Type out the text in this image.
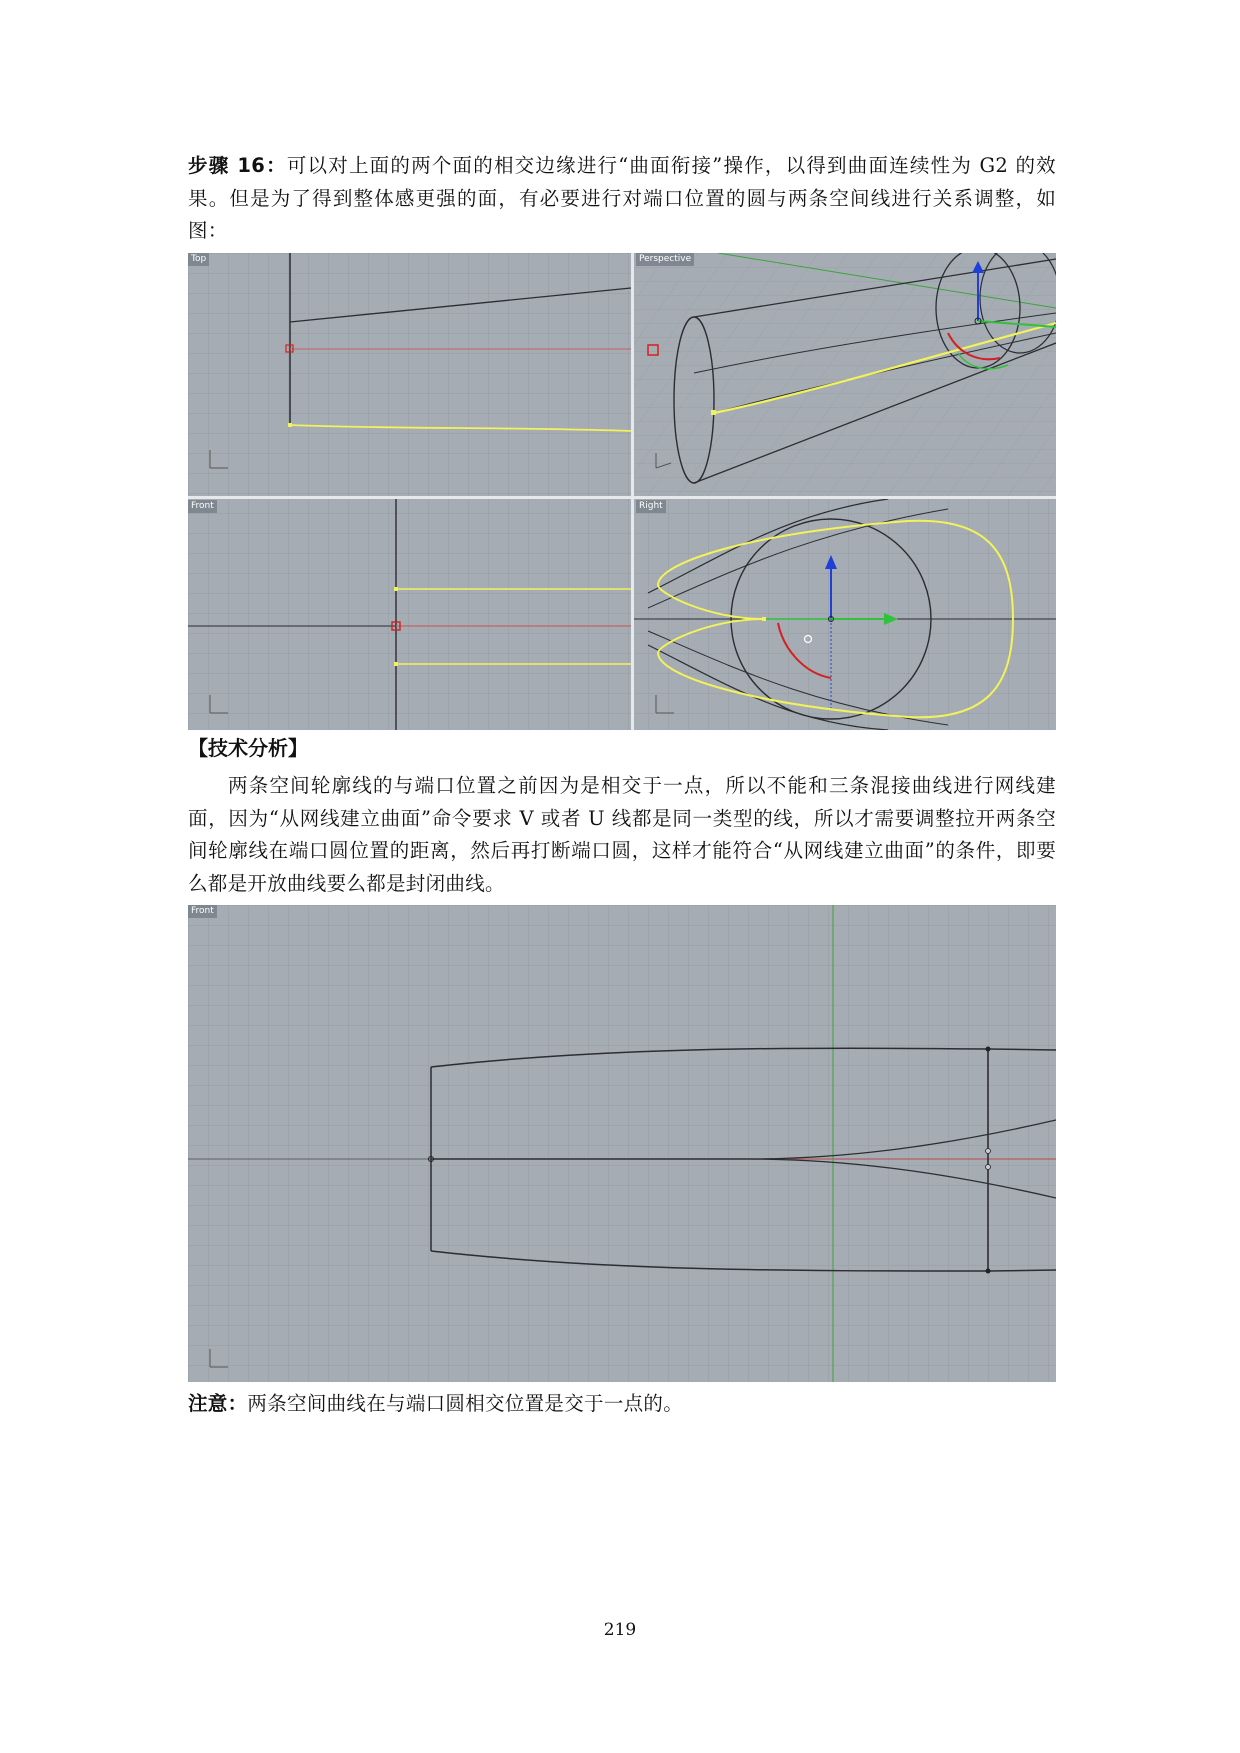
步骤 16：可以对上面的两个面的相交边缘进行“曲面衔接”操作，以得到曲面连续性为 G2 的效果。但是为了得到整体感更强的面，有必要进行对端口位置的圆与两条空间线进行关系调整，如图：
Top	Perspective
Front	Right
【技术分析】
两条空间轮廓线的与端口位置之前因为是相交于一点，所以不能和三条混接曲线进行网线建面，因为“从网线建立曲面”命令要求 V 或者 U 线都是同一类型的线，所以才需要调整拉开两条空间轮廓线在端口圆位置的距离，然后再打断端口圆，这样才能符合“从网线建立曲面”的条件，即要么都是开放曲线要么都是封闭曲线。
Front
注意：两条空间曲线在与端口圆相交位置是交于一点的。
219
